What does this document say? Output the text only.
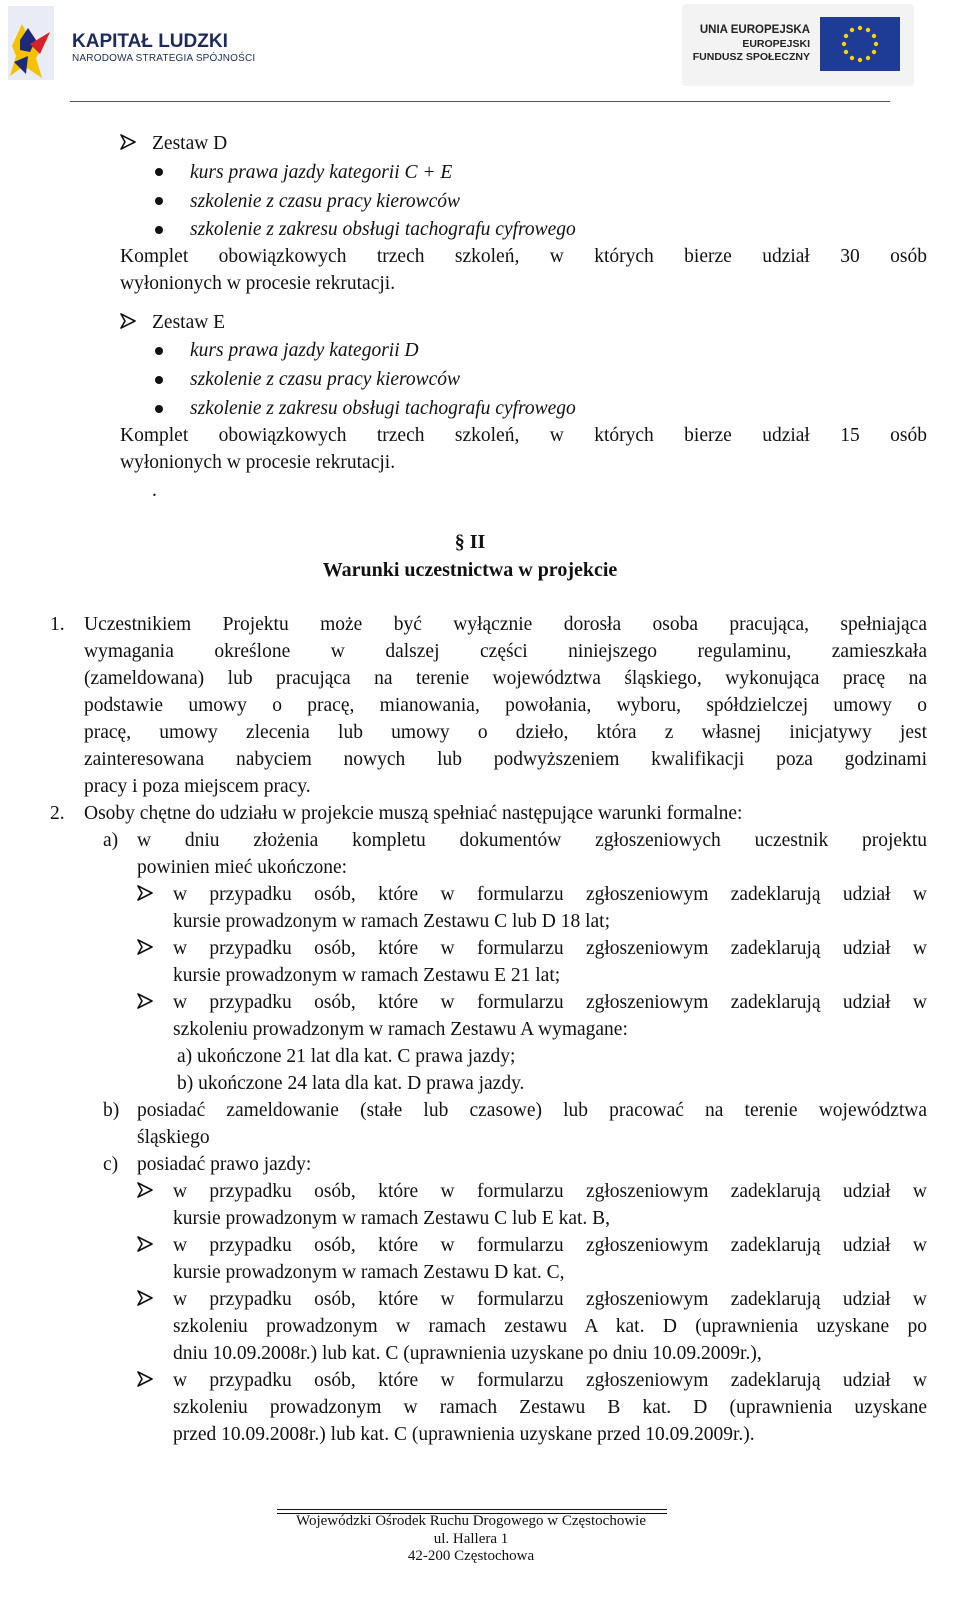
KAPITAŁ LUDZKI
NARODOWA STRATEGIA SPÓJNOŚCI
UNIA EUROPEJSKA
EUROPEJSKI
FUNDUSZ SPOŁECZNY
Zestaw D
kurs prawa jazdy kategorii C + E
szkolenie z czasu pracy kierowców
szkolenie z zakresu obsługi tachografu cyfrowego
Komplet obowiązkowych trzech szkoleń, w których bierze udział 30 osób
wyłonionych w procesie rekrutacji.
Zestaw E
kurs prawa jazdy kategorii D
szkolenie z czasu pracy kierowców
szkolenie z zakresu obsługi tachografu cyfrowego
Komplet obowiązkowych trzech szkoleń, w których bierze udział 15 osób
wyłonionych w procesie rekrutacji.
.
§ II
Warunki uczestnictwa w projekcie
1. Uczestnikiem Projektu może być wyłącznie dorosła osoba pracująca, spełniająca
wymagania określone w dalszej części niniejszego regulaminu, zamieszkała
(zameldowana) lub pracująca na terenie województwa śląskiego, wykonująca pracę na
podstawie umowy o pracę, mianowania, powołania, wyboru, spółdzielczej umowy o
pracę, umowy zlecenia lub umowy o dzieło, która z własnej inicjatywy jest
zainteresowana nabyciem nowych lub podwyższeniem kwalifikacji poza godzinami
pracy i poza miejscem pracy.
2. Osoby chętne do udziału w projekcie muszą spełniać następujące warunki formalne:
a) w dniu złożenia kompletu dokumentów zgłoszeniowych uczestnik projektu
powinien mieć ukończone:
w przypadku osób, które w formularzu zgłoszeniowym zadeklarują udział w
kursie prowadzonym w ramach Zestawu C lub D 18 lat;
w przypadku osób, które w formularzu zgłoszeniowym zadeklarują udział w
kursie prowadzonym w ramach Zestawu E 21 lat;
w przypadku osób, które w formularzu zgłoszeniowym zadeklarują udział w
szkoleniu prowadzonym w ramach Zestawu A wymagane:
a) ukończone 21 lat dla kat. C prawa jazdy;
b) ukończone 24 lata dla kat. D prawa jazdy.
b) posiadać zameldowanie (stałe lub czasowe) lub pracować na terenie województwa
śląskiego
c) posiadać prawo jazdy:
w przypadku osób, które w formularzu zgłoszeniowym zadeklarują udział w
kursie prowadzonym w ramach Zestawu C lub E kat. B,
w przypadku osób, które w formularzu zgłoszeniowym zadeklarują udział w
kursie prowadzonym w ramach Zestawu D kat. C,
w przypadku osób, które w formularzu zgłoszeniowym zadeklarują udział w
szkoleniu prowadzonym w ramach zestawu A kat. D (uprawnienia uzyskane po
dniu 10.09.2008r.) lub kat. C (uprawnienia uzyskane po dniu 10.09.2009r.),
w przypadku osób, które w formularzu zgłoszeniowym zadeklarują udział w
szkoleniu prowadzonym w ramach Zestawu B kat. D (uprawnienia uzyskane
przed 10.09.2008r.) lub kat. C (uprawnienia uzyskane przed 10.09.2009r.).
Wojewódzki Ośrodek Ruchu Drogowego w Częstochowie
ul. Hallera 1
42-200 Częstochowa
